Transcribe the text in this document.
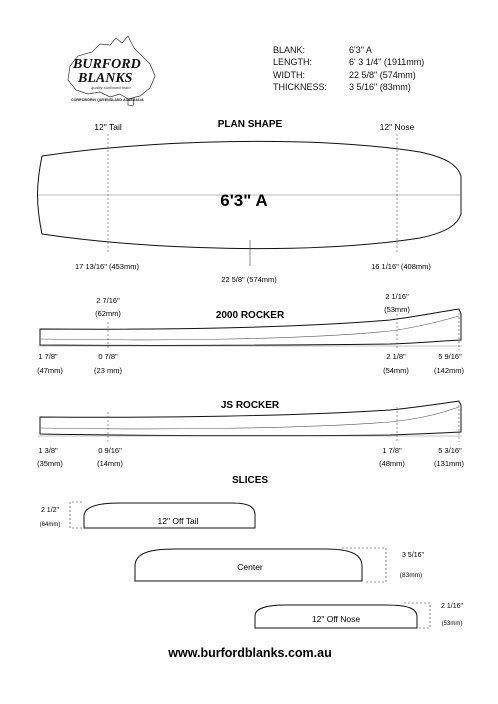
BURFORD
BLANKS
quality surfboard foam
CORROBORIN QUEENSLAND AUSTRALIA
PLAN SHAPE
12" Tail	12" Nose
6'3" A
17 13/16" (453mm)
22 5/8" (574mm)
16 1/16" (408mm)
2000 ROCKER
2 7/16"
(62mm)
2 1/16"
(53mm)
1 7/8"
(47mm)
0 7/8"
(23 mm)
2 1/8"
(54mm)
5 9/16"
(142mm)
JS ROCKER
1 3/8"
(35mm)
0 9/16"
(14mm)
1 7/8"
(48mm)
5 3/16"
(131mm)
SLICES
12" Off Tail
2 1/2"
(64mm)
Center
3 5/16"
(83mm)
12" Off Nose
2 1/16"
(53mm)
www.burfordblanks.com.au
BLANK:
LENGTH:
WIDTH:
THICKNESS:
6'3" A
6' 3 1/4" (1911mm)
22 5/8" (574mm)
3 5/16" (83mm)
